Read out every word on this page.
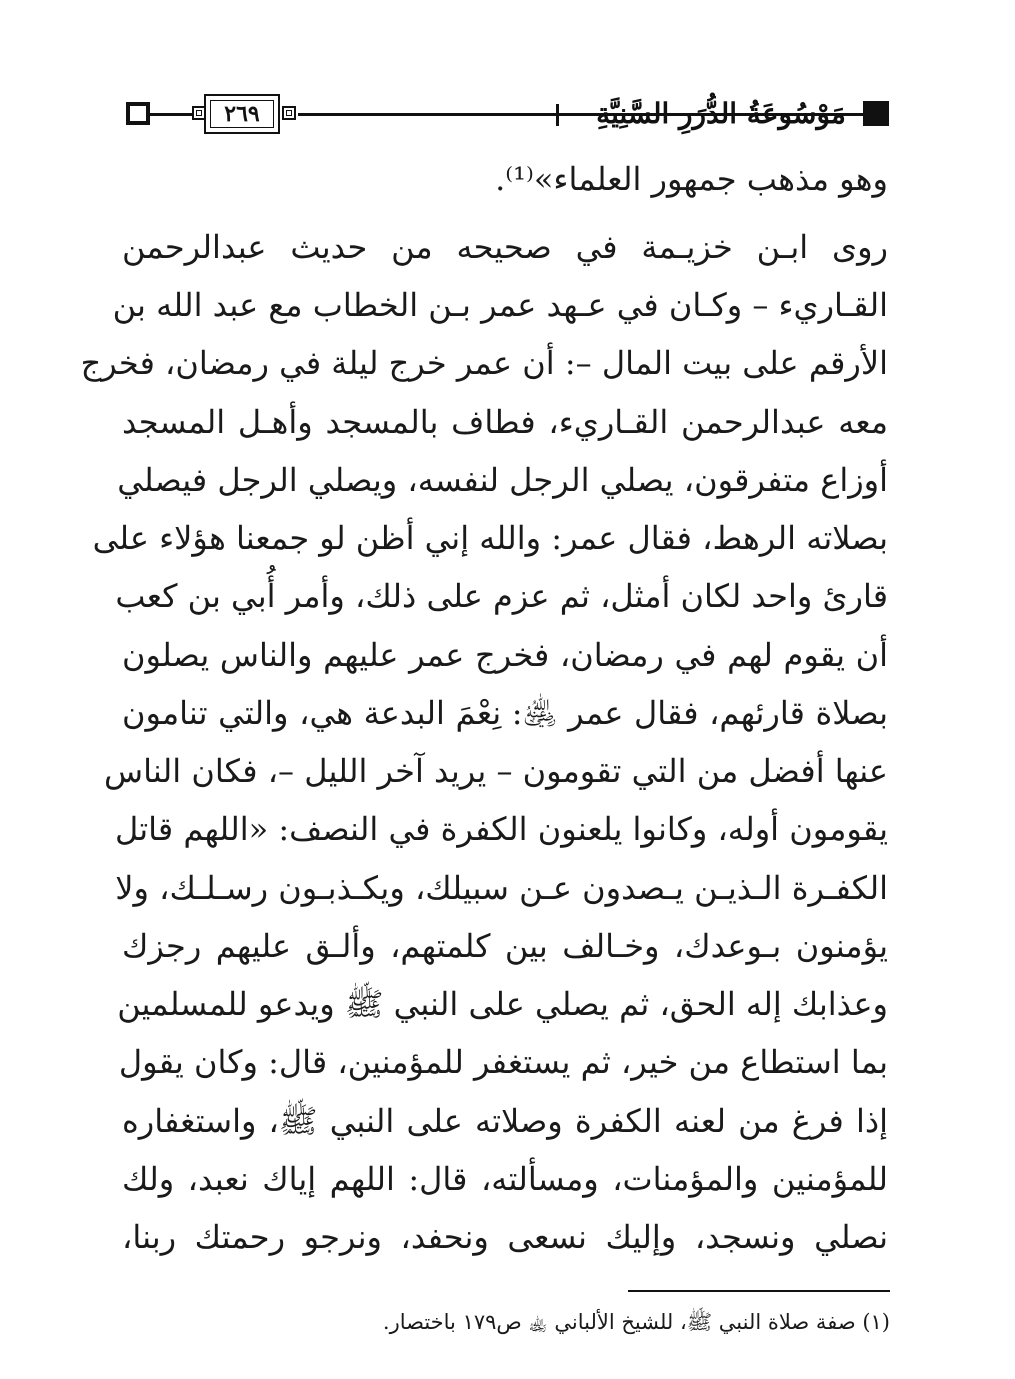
مَوْسُوعَةُ الدُّرَرِ السَّنِيَّةِ
٢٦٩
وهو مذهب جمهور العلماء»⁽¹⁾.
روى ابـن خزيـمة في صحيحه من حديث عبدالرحمن
القـاريء – وكـان في عـهد عمر بـن الخطاب مع عبد الله بن
الأرقم على بيت المال –: أن عمر خرج ليلة في رمضان، فخرج
معه عبدالرحمن القـاريء، فطاف بالمسجد وأهـل المسجد
أوزاع متفرقون، يصلي الرجل لنفسه، ويصلي الرجل فيصلي
بصلاته الرهط، فقال عمر: والله إني أظن لو جمعنا هؤلاء على
قارئ واحد لكان أمثل، ثم عزم على ذلك، وأمر أُبي بن كعب
أن يقوم لهم في رمضان، فخرج عمر عليهم والناس يصلون
بصلاة قارئهم، فقال عمر ﵁: نِعْمَ البدعة هي، والتي تنامون
عنها أفضل من التي تقومون – يريد آخر الليل –، فكان الناس
يقومون أوله، وكانوا يلعنون الكفرة في النصف: «اللهم قاتل
الكفـرة الـذيـن يـصدون عـن سبيلك، ويكـذبـون رسـلـك، ولا
يؤمنون بـوعدك، وخـالف بين كلمتهم، وألـق عليهم رجزك
وعذابك إله الحق، ثم يصلي على النبي ﷺ ويدعو للمسلمين
بما استطاع من خير، ثم يستغفر للمؤمنين، قال: وكان يقول
إذا فرغ من لعنه الكفرة وصلاته على النبي ﷺ، واستغفاره
للمؤمنين والمؤمنات، ومسألته، قال: اللهم إياك نعبد، ولك
نصلي ونسجد، وإليك نسعى ونحفد، ونرجو رحمتك ربنا،
(١) صفة صلاة النبي ﷺ، للشيخ الألباني ﵀ ص١٧٩ باختصار.
